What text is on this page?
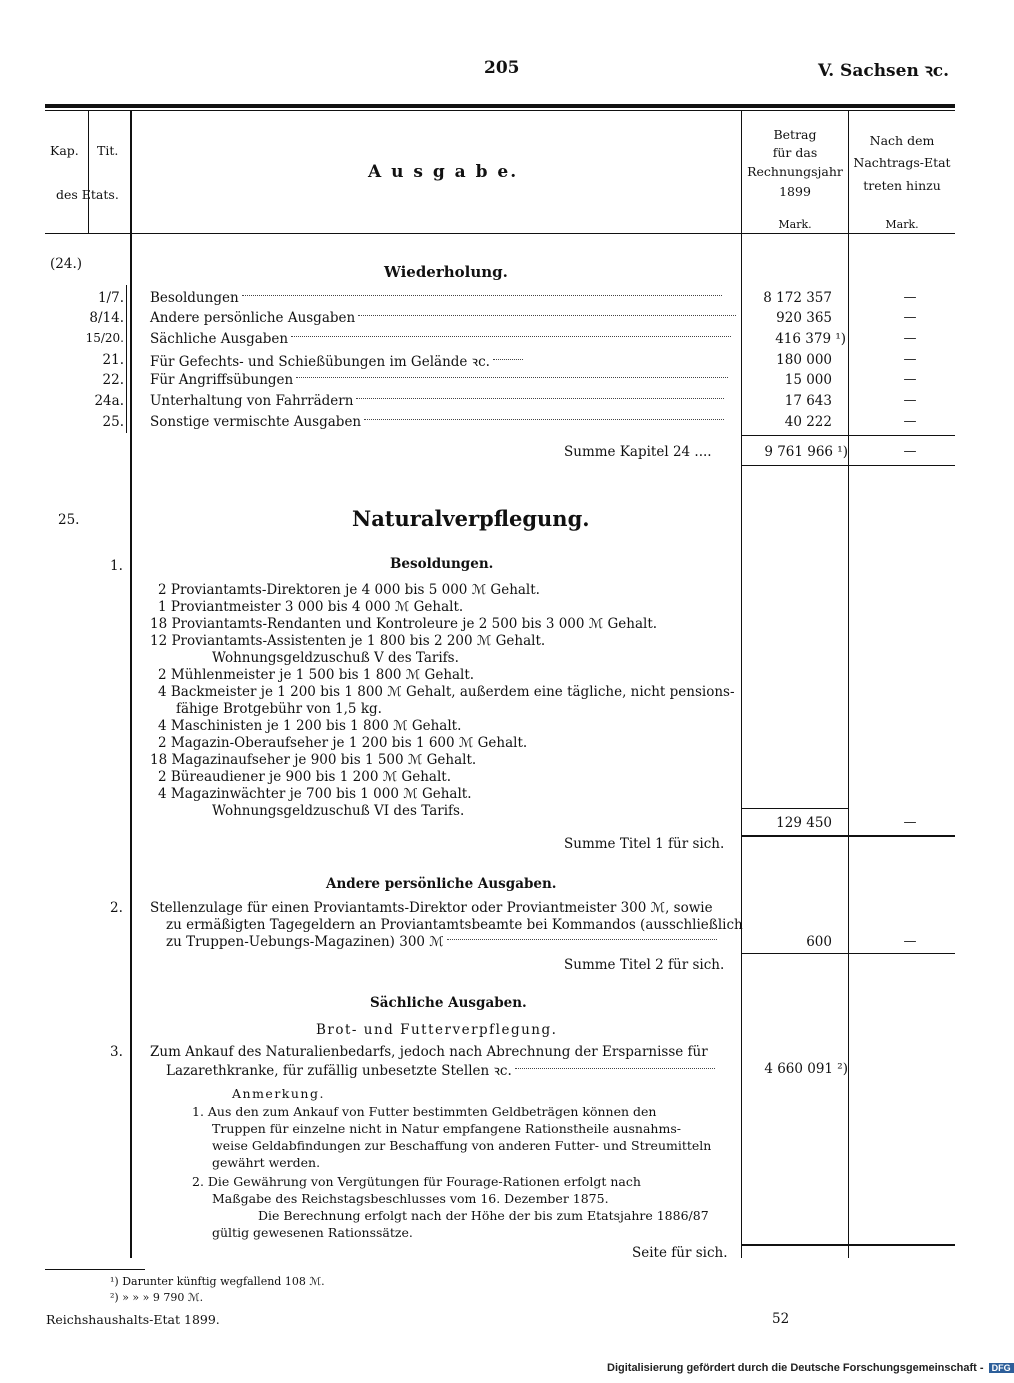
205	V. Sachsen ꝛc.
Kap. Tit.
des Etats.
A u s g a b e.
Betrag
für das
Rechnungsjahr
1899
Mark.
Nach dem
Nachtrags-Etat
treten hinzu
Mark.
(24.)	Wiederholung.
1/7. Besoldungen	8 172 357	—
8/14. Andere persönliche Ausgaben	920 365	—
15/20. Sächliche Ausgaben	416 379 ¹)	—
21. Für Gefechts- und Schießübungen im Gelände ꝛc.	180 000	—
22. Für Angriffsübungen	15 000	—
24a. Unterhaltung von Fahrrädern	17 643	—
25. Sonstige vermischte Ausgaben	40 222	—
Summe Kapitel 24 ....	9 761 966 ¹)	—
25.	Naturalverpflegung.
1.	Besoldungen.
2 Proviantamts-Direktoren je 4 000 bis 5 000 ℳ Gehalt.
1 Proviantmeister 3 000 bis 4 000 ℳ Gehalt.
18 Proviantamts-Rendanten und Kontroleure je 2 500 bis 3 000 ℳ Gehalt.
12 Proviantamts-Assistenten je 1 800 bis 2 200 ℳ Gehalt.
Wohnungsgeldzuschuß V des Tarifs.
2 Mühlenmeister je 1 500 bis 1 800 ℳ Gehalt.
4 Backmeister je 1 200 bis 1 800 ℳ Gehalt, außerdem eine tägliche, nicht pensions-
fähige Brotgebühr von 1,5 kg.
4 Maschinisten je 1 200 bis 1 800 ℳ Gehalt.
2 Magazin-Oberaufseher je 1 200 bis 1 600 ℳ Gehalt.
18 Magazinaufseher je 900 bis 1 500 ℳ Gehalt.
2 Büreaudiener je 900 bis 1 200 ℳ Gehalt.
4 Magazinwächter je 700 bis 1 000 ℳ Gehalt.
Wohnungsgeldzuschuß VI des Tarifs.
129 450	—
Summe Titel 1 für sich.
Andere persönliche Ausgaben.
2. Stellenzulage für einen Proviantamts-Direktor oder Proviantmeister 300 ℳ, sowie
zu ermäßigten Tagegeldern an Proviantamtsbeamte bei Kommandos (ausschließlich
zu Truppen-Uebungs-Magazinen) 300 ℳ	600	—
Summe Titel 2 für sich.
Sächliche Ausgaben.
Brot- und Futterverpflegung.
3. Zum Ankauf des Naturalienbedarfs, jedoch nach Abrechnung der Ersparnisse für
Lazarethkranke, für zufällig unbesetzte Stellen ꝛc.	4 660 091 ²)
Anmerkung.
1. Aus den zum Ankauf von Futter bestimmten Geldbeträgen können den
Truppen für einzelne nicht in Natur empfangene Rationstheile ausnahms-
weise Geldabfindungen zur Beschaffung von anderen Futter- und Streumitteln
gewährt werden.
2. Die Gewährung von Vergütungen für Fourage-Rationen erfolgt nach
Maßgabe des Reichstagsbeschlusses vom 16. Dezember 1875.
Die Berechnung erfolgt nach der Höhe der bis zum Etatsjahre 1886/87
gültig gewesenen Rationssätze.
Seite für sich.
¹) Darunter künftig wegfallend 108 ℳ.
²) » » » 9 790 ℳ.
Reichshaushalts-Etat 1899.	52
Digitalisierung gefördert durch die Deutsche Forschungsgemeinschaft - DFG
